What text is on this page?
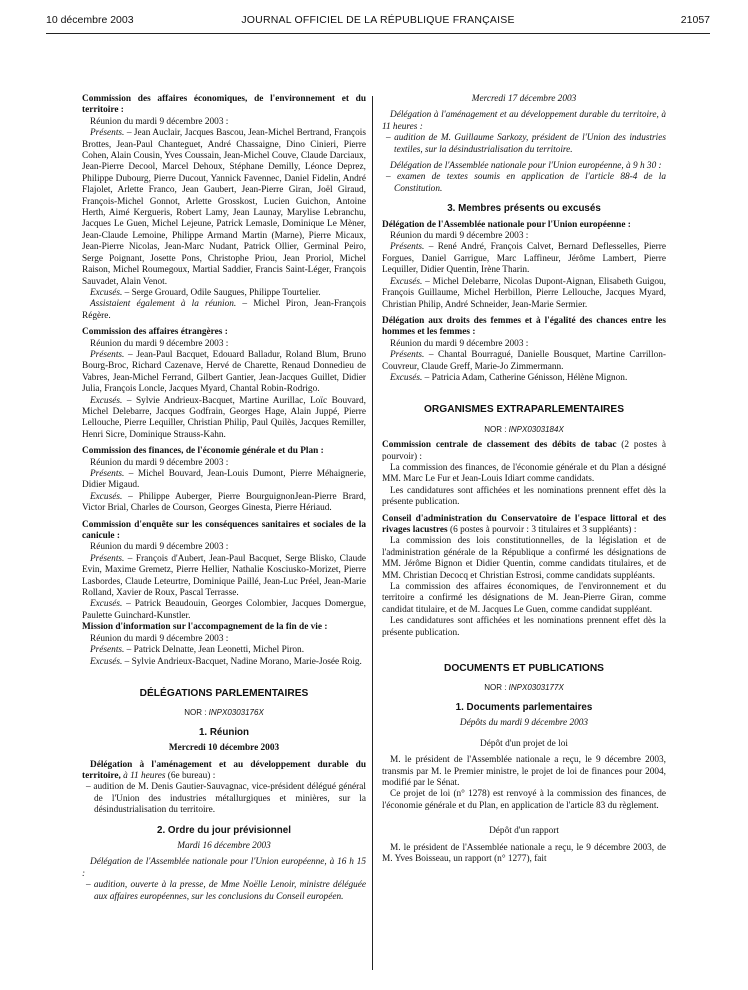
10 décembre 2003	JOURNAL OFFICIEL DE LA RÉPUBLIQUE FRANÇAISE	21057

Commission des affaires économiques, de l'environnement et du territoire :

Réunion du mardi 9 décembre 2003 :

Présents. – Jean Auclair, Jacques Bascou, Jean-Michel Bertrand, François Brottes, Jean-Paul Chanteguet, André Chassaigne, Dino Cinieri, Pierre Cohen, Alain Cousin, Yves Coussain, Jean-Michel Couve, Claude Darciaux, Jean-Pierre Decool, Marcel Dehoux, Stéphane Demilly, Léonce Deprez, Philippe Dubourg, Pierre Ducout, Yannick Favennec, Daniel Fidelin, André Flajolet, Arlette Franco, Jean Gaubert, Jean-Pierre Giran, Joël Giraud, François-Michel Gonnot, Arlette Grosskost, Lucien Guichon, Antoine Herth, Aimé Kergueris, Robert Lamy, Jean Launay, Marylise Lebranchu, Jacques Le Guen, Michel Lejeune, Patrick Lemasle, Dominique Le Mèner, Jean-Claude Lemoine, Philippe Armand Martin (Marne), Pierre Micaux, Jean-Pierre Nicolas, Jean-Marc Nudant, Patrick Ollier, Germinal Peiro, Serge Poignant, Josette Pons, Christophe Priou, Jean Proriol, Michel Raison, Michel Roumegoux, Martial Saddier, Francis Saint-Léger, François Sauvadet, Alain Venot.

Excusés. – Serge Grouard, Odile Saugues, Philippe Tourtelier.

Assistaient également à la réunion. – Michel Piron, Jean-François Régère.

Commission des affaires étrangères :

Réunion du mardi 9 décembre 2003 :

Présents. – Jean-Paul Bacquet, Edouard Balladur, Roland Blum, Bruno Bourg-Broc, Richard Cazenave, Hervé de Charette, Renaud Donnedieu de Vabres, Jean-Michel Ferrand, Gilbert Gantier, Jean-Jacques Guillet, Didier Julia, François Loncle, Jacques Myard, Chantal Robin-Rodrigo.

Excusés. – Sylvie Andrieux-Bacquet, Martine Aurillac, Loïc Bouvard, Michel Delebarre, Jacques Godfrain, Georges Hage, Alain Juppé, Pierre Lellouche, Pierre Lequiller, Christian Philip, Paul Quilès, Jacques Remiller, Henri Sicre, Dominique Strauss-Kahn.

Commission des finances, de l'économie générale et du Plan :

Réunion du mardi 9 décembre 2003 :

Présents. – Michel Bouvard, Jean-Louis Dumont, Pierre Méhaignerie, Didier Migaud.

Excusés. – Philippe Auberger, Pierre BourguignonJean-Pierre Brard, Victor Brial, Charles de Courson, Georges Ginesta, Pierre Hériaud.

Commission d'enquête sur les conséquences sanitaires et sociales de la canicule :

Réunion du mardi 9 décembre 2003 :

Présents. – François d'Aubert, Jean-Paul Bacquet, Serge Blisko, Claude Evin, Maxime Gremetz, Pierre Hellier, Nathalie Kosciusko-Morizet, Pierre Lasbordes, Claude Leteurtre, Dominique Paillé, Jean-Luc Préel, Jean-Marie Rolland, Xavier de Roux, Pascal Terrasse.

Excusés. – Patrick Beaudouin, Georges Colombier, Jacques Domergue, Paulette Guinchard-Kunstler.

Mission d'information sur l'accompagnement de la fin de vie :

Réunion du mardi 9 décembre 2003 :

Présents. – Patrick Delnatte, Jean Leonetti, Michel Piron.

Excusés. – Sylvie Andrieux-Bacquet, Nadine Morano, Marie-Josée Roig.

DÉLÉGATIONS PARLEMENTAIRES

NOR : INPX0303176X

1. Réunion

Mercredi 10 décembre 2003

Délégation à l'aménagement et au développement durable du territoire, à 11 heures (6e bureau) :

– audition de M. Denis Gautier-Sauvagnac, vice-président délégué général de l'Union des industries métallurgiques et minières, sur la désindustrialisation du territoire.

2. Ordre du jour prévisionnel

Mardi 16 décembre 2003

Délégation de l'Assemblée nationale pour l'Union européenne, à 16 h 15 :

– audition, ouverte à la presse, de Mme Noëlle Lenoir, ministre déléguée aux affaires européennes, sur les conclusions du Conseil européen.

Mercredi 17 décembre 2003

Délégation à l'aménagement et au développement durable du territoire, à 11 heures :

– audition de M. Guillaume Sarkozy, président de l'Union des industries textiles, sur la désindustrialisation du territoire.

Délégation de l'Assemblée nationale pour l'Union européenne, à 9 h 30 :

– examen de textes soumis en application de l'article 88-4 de la Constitution.

3. Membres présents ou excusés

Délégation de l'Assemblée nationale pour l'Union européenne :

Réunion du mardi 9 décembre 2003 :

Présents. – René André, François Calvet, Bernard Deflesselles, Pierre Forgues, Daniel Garrigue, Marc Laffineur, Jérôme Lambert, Pierre Lequiller, Didier Quentin, Irène Tharin.

Excusés. – Michel Delebarre, Nicolas Dupont-Aignan, Elisabeth Guigou, François Guillaume, Michel Herbillon, Pierre Lellouche, Jacques Myard, Christian Philip, André Schneider, Jean-Marie Sermier.

Délégation aux droits des femmes et à l'égalité des chances entre les hommes et les femmes :

Réunion du mardi 9 décembre 2003 :

Présents. – Chantal Bourragué, Danielle Bousquet, Martine Carrillon-Couvreur, Claude Greff, Marie-Jo Zimmermann.

Excusés. – Patricia Adam, Catherine Génisson, Hélène Mignon.

ORGANISMES EXTRAPARLEMENTAIRES

NOR : INPX0303184X

Commission centrale de classement des débits de tabac (2 postes à pourvoir) :

La commission des finances, de l'économie générale et du Plan a désigné MM. Marc Le Fur et Jean-Louis Idiart comme candidats.

Les candidatures sont affichées et les nominations prennent effet dès la présente publication.

Conseil d'administration du Conservatoire de l'espace littoral et des rivages lacustres (6 postes à pourvoir : 3 titulaires et 3 suppléants) :

La commission des lois constitutionnelles, de la législation et de l'administration générale de la République a confirmé les désignations de MM. Jérôme Bignon et Didier Quentin, comme candidats titulaires, et de MM. Christian Decocq et Christian Estrosi, comme candidats suppléants.

La commission des affaires économiques, de l'environnement et du territoire a confirmé les désignations de M. Jean-Pierre Giran, comme candidat titulaire, et de M. Jacques Le Guen, comme candidat suppléant.

Les candidatures sont affichées et les nominations prennent effet dès la présente publication.

DOCUMENTS ET PUBLICATIONS

NOR : INPX0303177X

1. Documents parlementaires

Dépôts du mardi 9 décembre 2003

Dépôt d'un projet de loi

M. le président de l'Assemblée nationale a reçu, le 9 décembre 2003, transmis par M. le Premier ministre, le projet de loi de finances pour 2004, modifié par le Sénat.

Ce projet de loi (n° 1278) est renvoyé à la commission des finances, de l'économie générale et du Plan, en application de l'article 83 du règlement.

Dépôt d'un rapport

M. le président de l'Assemblée nationale a reçu, le 9 décembre 2003, de M. Yves Boisseau, un rapport (n° 1277), fait
